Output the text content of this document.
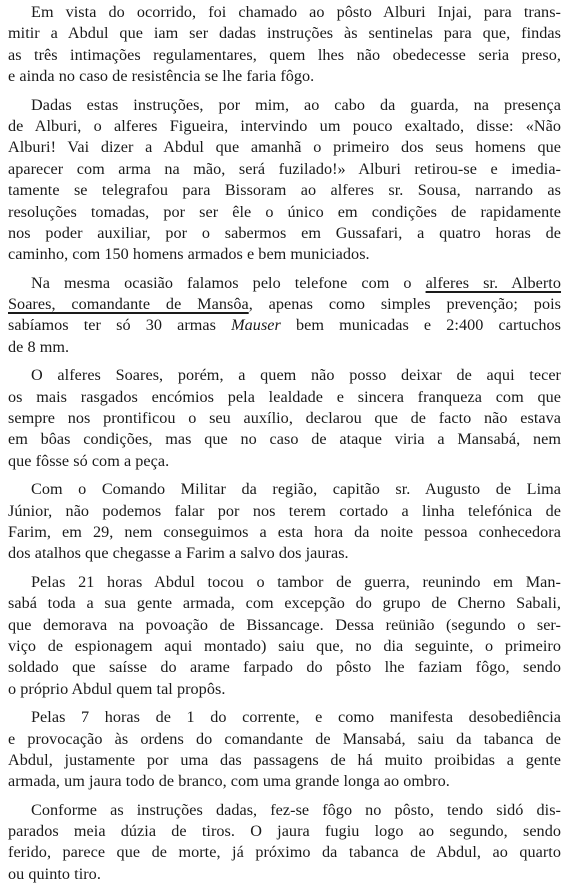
Em vista do ocorrido, foi chamado ao pôsto Alburi Injai, para trans-
mitir a Abdul que iam ser dadas instruções às sentinelas para que, findas
as três intimações regulamentares, quem lhes não obedecesse seria preso,
e ainda no caso de resistência se lhe faria fôgo.
Dadas estas instruções, por mim, ao cabo da guarda, na presença
de Alburi, o alferes Figueira, intervindo um pouco exaltado, disse: «Não
Alburi! Vai dizer a Abdul que amanhã o primeiro dos seus homens que
aparecer com arma na mão, será fuzilado!» Alburi retirou-se e imedia-
tamente se telegrafou para Bissoram ao alferes sr. Sousa, narrando as
resoluções tomadas, por ser êle o único em condições de rapidamente
nos poder auxiliar, por o sabermos em Gussafari, a quatro horas de
caminho, com 150 homens armados e bem municiados.
Na mesma ocasião falamos pelo telefone com o alferes sr. Alberto
Soares, comandante de Mansôa, apenas como simples prevenção; pois
sabíamos ter só 30 armas Mauser bem municadas e 2:400 cartuchos
de 8 mm.
O alferes Soares, porém, a quem não posso deixar de aqui tecer
os mais rasgados encómios pela lealdade e sincera franqueza com que
sempre nos prontificou o seu auxílio, declarou que de facto não estava
em bôas condições, mas que no caso de ataque viria a Mansabá, nem
que fôsse só com a peça.
Com o Comando Militar da região, capitão sr. Augusto de Lima
Júnior, não podemos falar por nos terem cortado a linha telefónica de
Farim, em 29, nem conseguimos a esta hora da noite pessoa conhecedora
dos atalhos que chegasse a Farim a salvo dos jauras.
Pelas 21 horas Abdul tocou o tambor de guerra, reunindo em Man-
sabá toda a sua gente armada, com excepção do grupo de Cherno Sabali,
que demorava na povoação de Bissancage. Dessa reünião (segundo o ser-
viço de espionagem aqui montado) saiu que, no dia seguinte, o primeiro
soldado que saísse do arame farpado do pôsto lhe faziam fôgo, sendo
o próprio Abdul quem tal propôs.
Pelas 7 horas de 1 do corrente, e como manifesta desobediência
e provocação às ordens do comandante de Mansabá, saiu da tabanca de
Abdul, justamente por uma das passagens de há muito proibidas a gente
armada, um jaura todo de branco, com uma grande longa ao ombro.
Conforme as instruções dadas, fez-se fôgo no pôsto, tendo sidó dis-
parados meia dúzia de tiros. O jaura fugiu logo ao segundo, sendo
ferido, parece que de morte, já próximo da tabanca de Abdul, ao quarto
ou quinto tiro.
